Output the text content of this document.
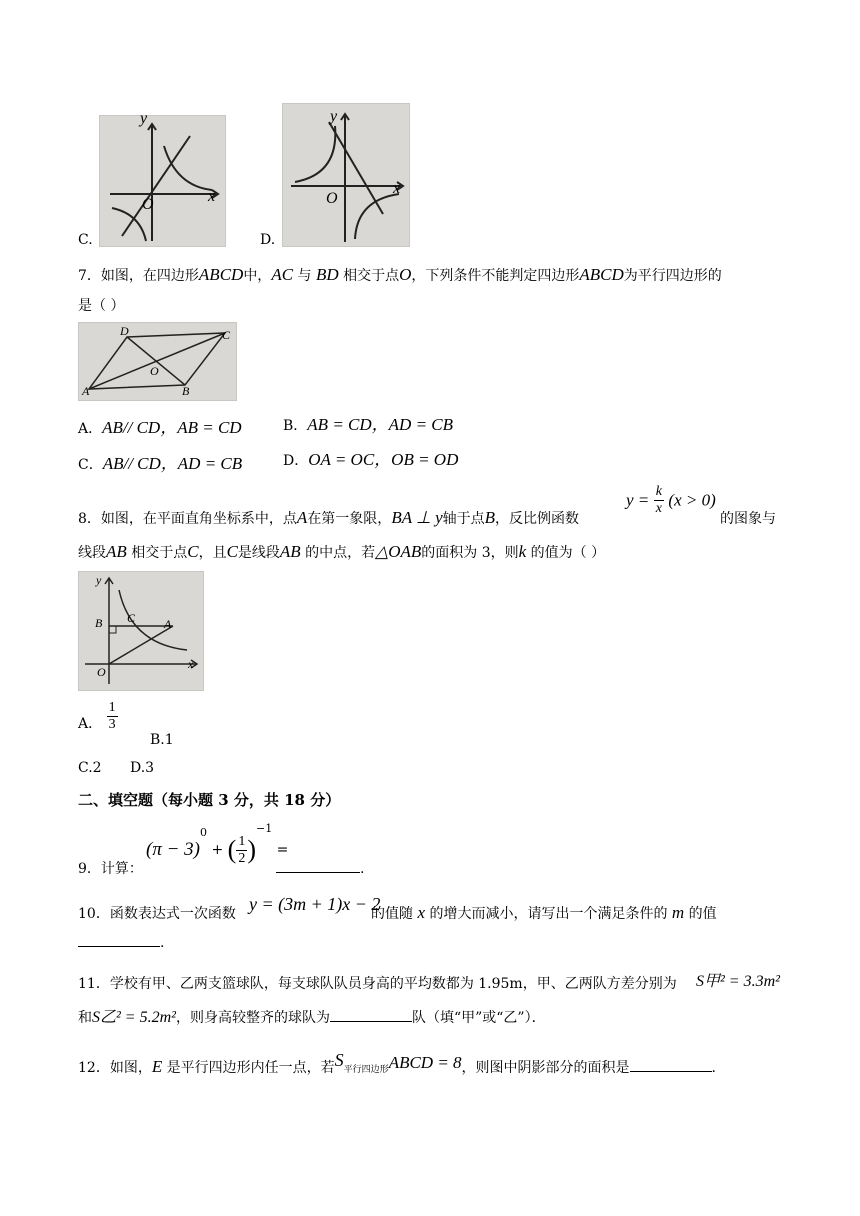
y
x
O
C.
y
x
O
D.
7．如图，在四边形ABCD中，AC 与 BD 相交于点O，下列条件不能判定四边形ABCD为平行四边形的
是（ ）
D	C
O
A	B
A．AB// CD，AB = CD	B．AB = CD，AD = CB
C．AB// CD，AD = CB	D．OA = OC，OB = OD
8．如图，在平面直角坐标系中，点A在第一象限，BA ⊥ y轴于点B，反比例函数
$y = \frac{k}{x} (x > 0)$
的图象与
线段AB 相交于点C，且C是线段AB 的中点，若△OAB的面积为 3，则k 的值为（ ）
y
B C A
O
x
A． $\frac{1}{3}$
B.1
C.2 D.3
二、填空题（每小题 3 分，共 18 分）
$(\pi - 3)^0$ + ( $\frac{1}{2} )^{-1}$ =
9．计算：	.
10．函数表达式一次函数 y = (3m + 1)x − 2
的值随 x 的增大而减小，请写出一个满足条件的 m 的值
.
11．学校有甲、乙两支篮球队，每支球队队员身高的平均数都为 1.95m，甲、乙两队方差分别为 S甲² = 3.3m²
和S乙² = 5.2m²，则身高较整齐的球队为	队（填“甲”或“乙”）．
12．如图，E 是平行四边形内任一点，若S平行四边形ABCD = 8，则图中阴影部分的面积是	.
